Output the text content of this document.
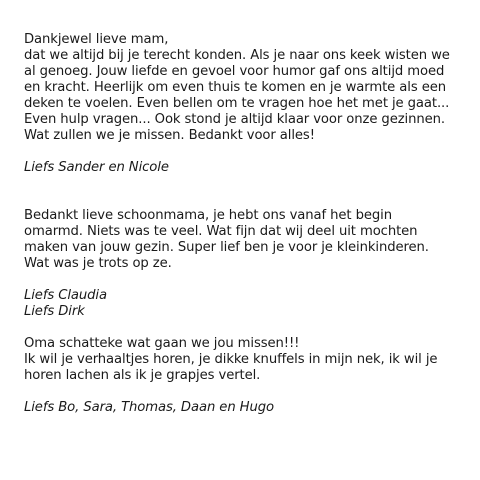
Dankjewel lieve mam,
dat we altijd bij je terecht konden. Als je naar ons keek wisten we
al genoeg. Jouw liefde en gevoel voor humor gaf ons altijd moed
en kracht. Heerlijk om even thuis te komen en je warmte als een
deken te voelen. Even bellen om te vragen hoe het met je gaat...
Even hulp vragen... Ook stond je altijd klaar voor onze gezinnen.
Wat zullen we je missen. Bedankt voor alles!
Liefs Sander en Nicole
Bedankt lieve schoonmama, je hebt ons vanaf het begin
omarmd. Niets was te veel. Wat fijn dat wij deel uit mochten
maken van jouw gezin. Super lief ben je voor je kleinkinderen.
Wat was je trots op ze.
Liefs Claudia
Liefs Dirk
Oma schatteke wat gaan we jou missen!!!
Ik wil je verhaaltjes horen, je dikke knuffels in mijn nek, ik wil je
horen lachen als ik je grapjes vertel.
Liefs Bo, Sara, Thomas, Daan en Hugo
